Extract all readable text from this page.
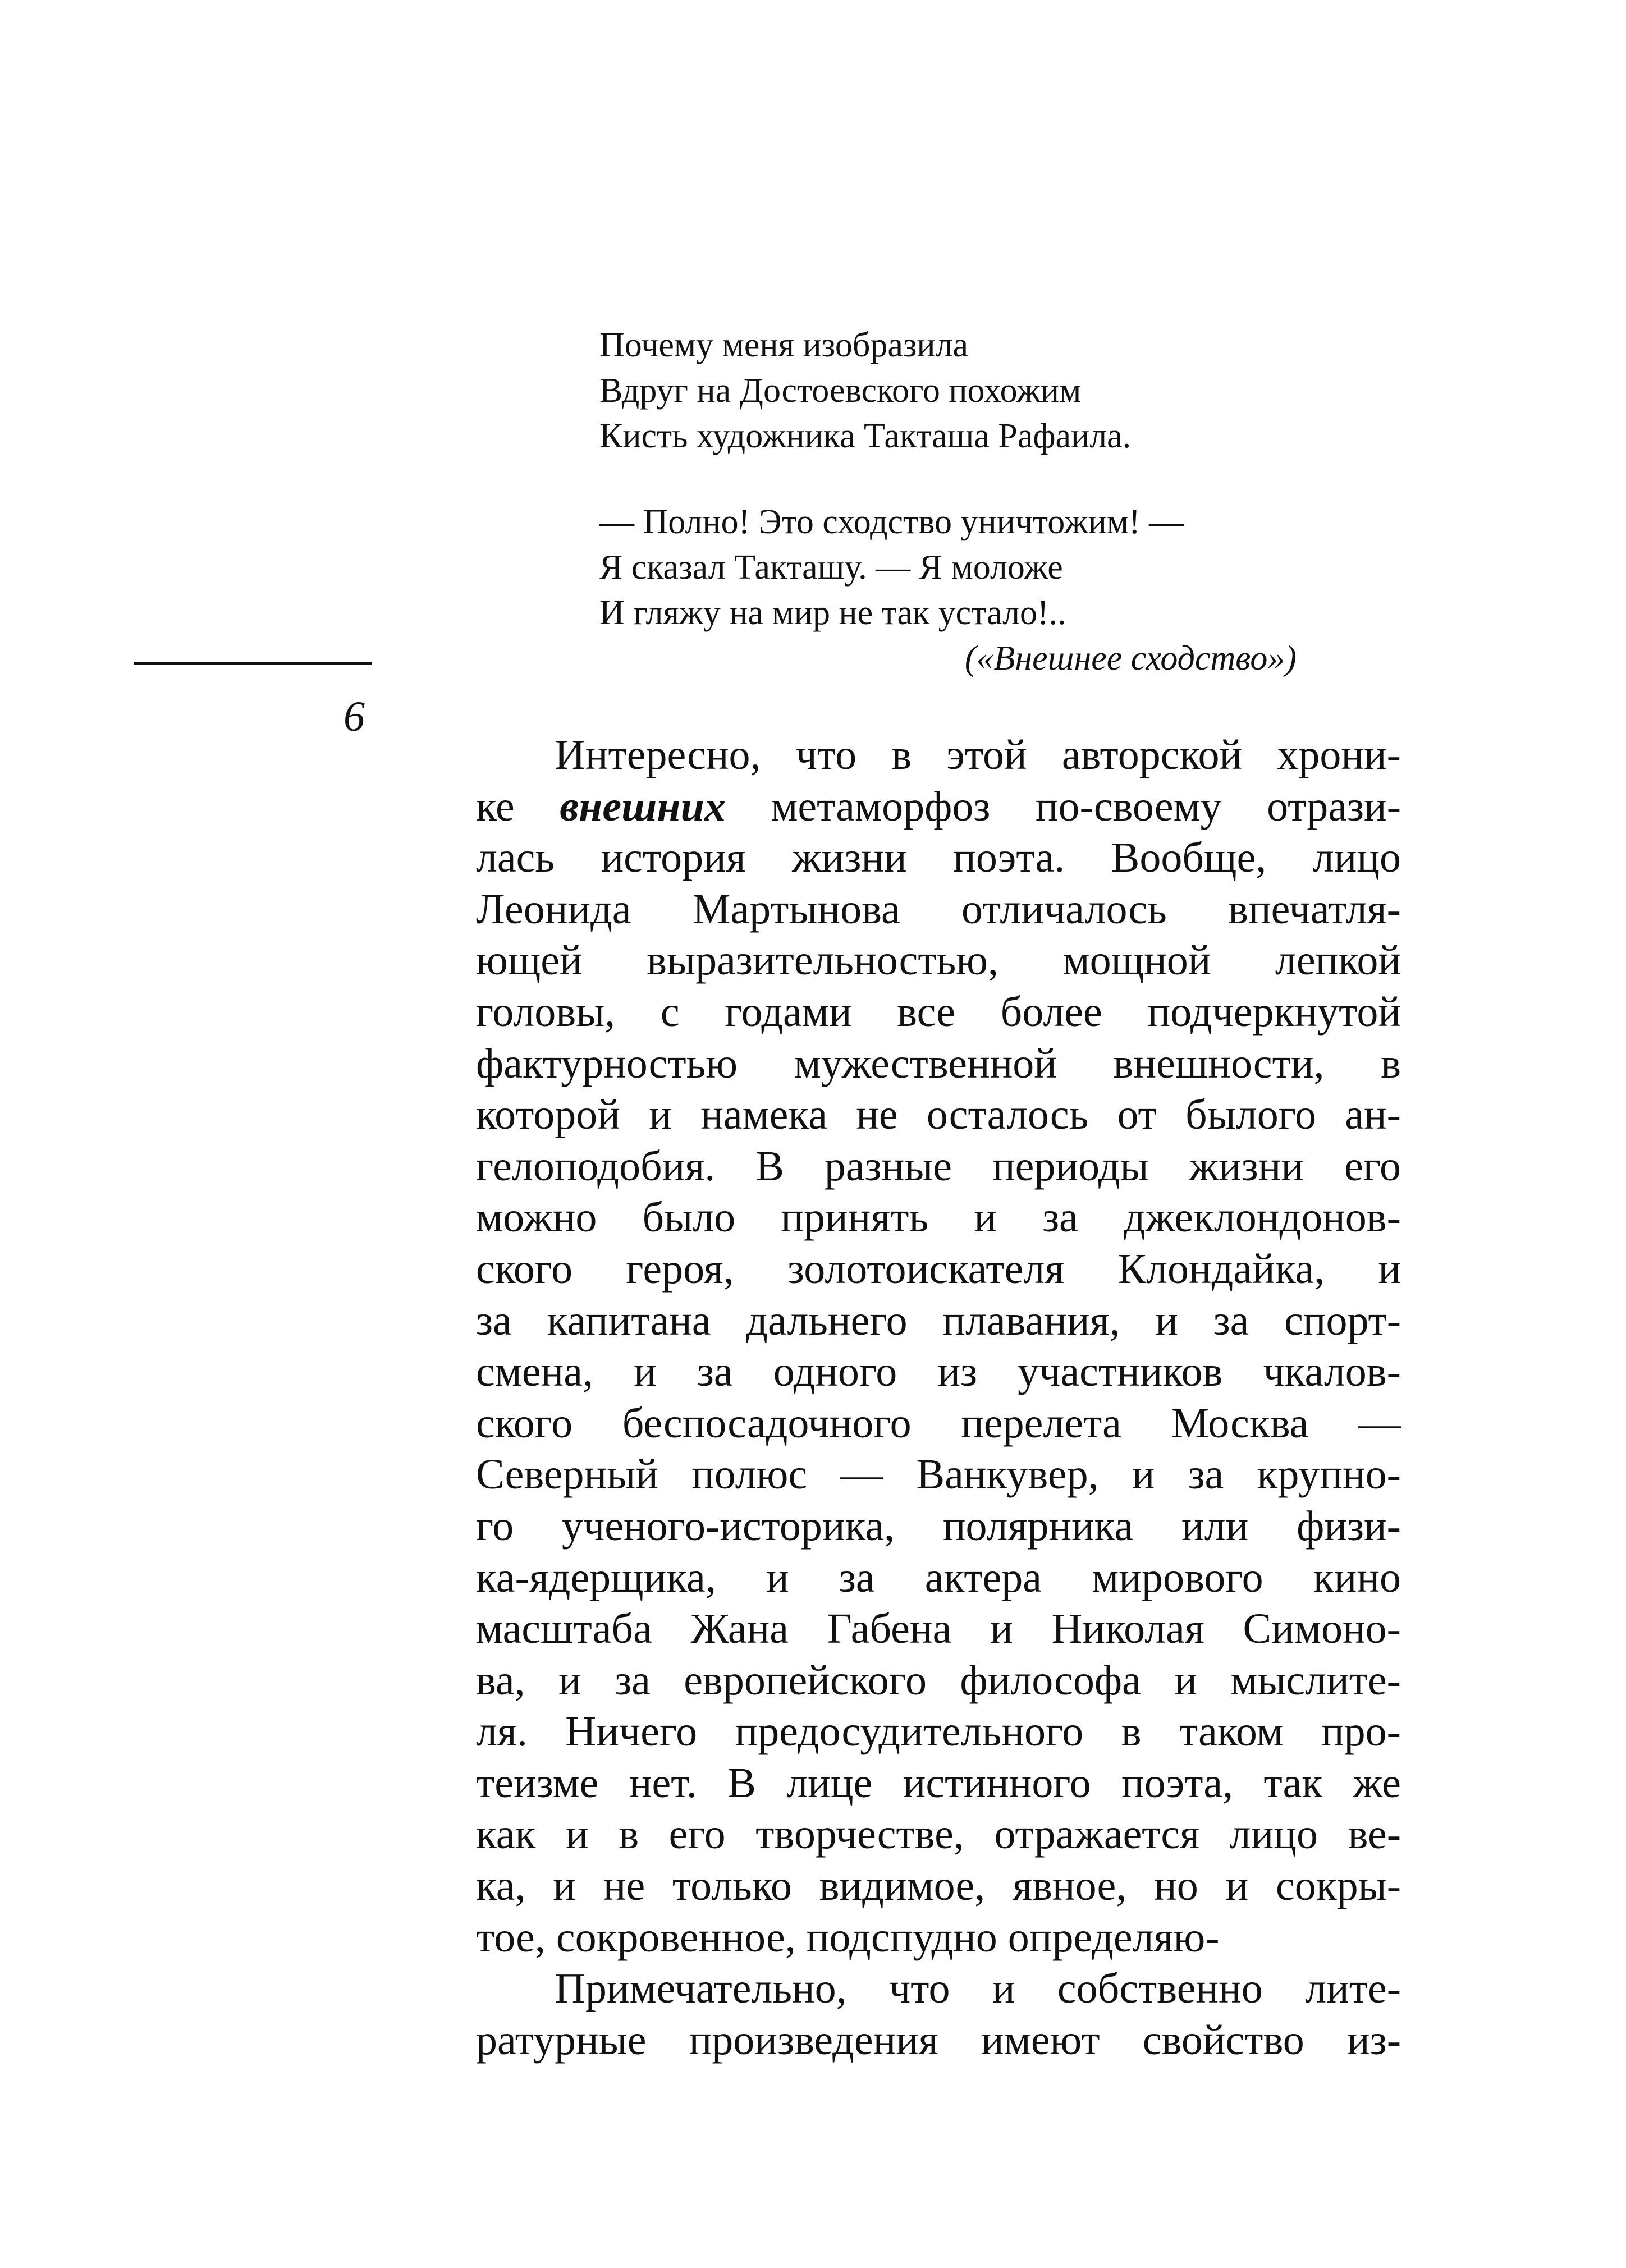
Почему меня изобразила
Вдруг на Достоевского похожим
Кисть художника Такташа Рафаила.
— Полно! Это сходство уничтожим! —
Я сказал Такташу. — Я моложе
И гляжу на мир не так устало!..
(«Внешнее сходство»)
6
Интересно, что в этой авторской хрони-
ке внешних метаморфоз по-своему отрази-
лась история жизни поэта. Вообще, лицо
Леонида Мартынова отличалось впечатля-
ющей выразительностью, мощной лепкой
головы, с годами все более подчеркнутой
фактурностью мужественной внешности, в
которой и намека не осталось от былого ан-
гелоподобия. В разные периоды жизни его
можно было принять и за джеклондонов-
ского героя, золотоискателя Клондайка, и
за капитана дальнего плавания, и за спорт-
смена, и за одного из участников чкалов-
ского беспосадочного перелета Москва —
Северный полюс — Ванкувер, и за крупно-
го ученого-историка, полярника или физи-
ка-ядерщика, и за актера мирового кино
масштаба Жана Габена и Николая Симоно-
ва, и за европейского философа и мыслите-
ля. Ничего предосудительного в таком про-
теизме нет. В лице истинного поэта, так же
как и в его творчестве, отражается лицо ве-
ка, и не только видимое, явное, но и сокры-
тое, сокровенное, подспудно определяю-
Примечательно, что и собственно лите-
ратурные произведения имеют свойство из-
